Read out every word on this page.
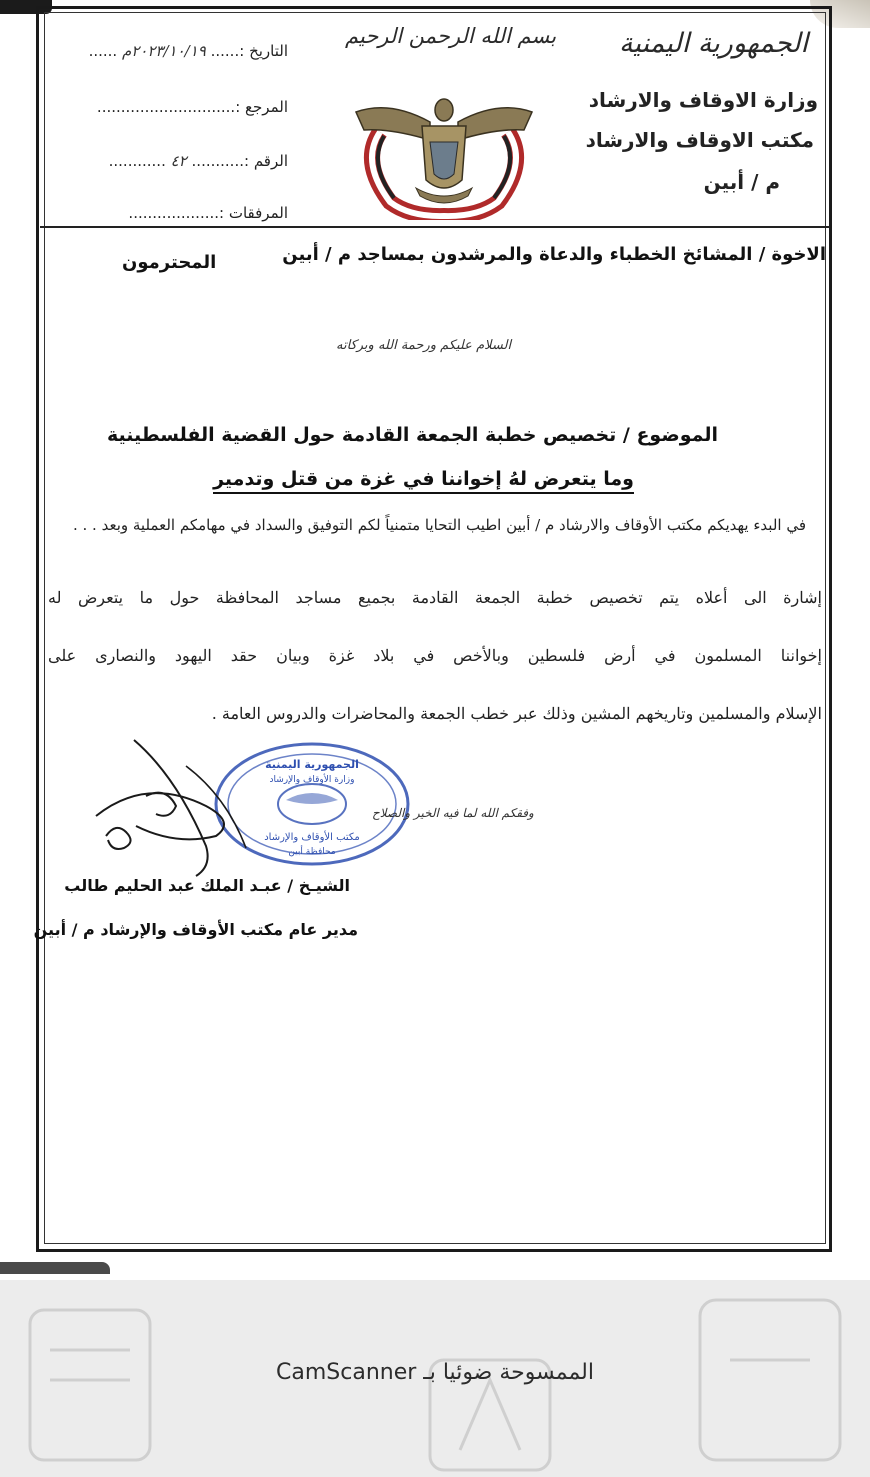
الجمهورية اليمنية
وزارة الاوقاف والارشاد
مكتب الاوقاف والارشاد
م / أبين
بسم الله الرحمن الرحيم
التاريخ :...... ٢٠٢٣/١٠/١٩م ......
المرجع :.............................
الرقم :........... ٤٢ ............
المرفقات :...................
الاخوة / المشائخ الخطباء والدعاة والمرشدون بمساجد م / أبين
المحترمون
السلام عليكم ورحمة الله وبركاته
الموضوع / تخصيص خطبة الجمعة القادمة حول القضية الفلسطينية
وما يتعرض لهُ إخواننا في غزة من قتل وتدمير
في البدء يهديكم مكتب الأوقاف والارشاد م / أبين اطيب التحايا متمنياً لكم التوفيق والسداد في مهامكم العملية وبعد . . .
إشارة الى أعلاه يتم تخصيص خطبة الجمعة القادمة بجميع مساجد المحافظة حول ما يتعرض له
إخواننا المسلمون في أرض فلسطين وبالأخص في بلاد غزة وبيان حقد اليهود والنصارى على
الإسلام والمسلمين وتاريخهم المشين وذلك عبر خطب الجمعة والمحاضرات والدروس العامة .
الجمهورية اليمنية
وزارة الأوقاف والإرشاد
مكتب الأوقاف والإرشاد
محافظة أبين
وفقكم الله لما فيه الخير والصلاح
الشيـخ / عبـد الملك عبد الحليم طالب
مدير عام مكتب الأوقاف والإرشاد م / أبين
الممسوحة ضوئيا بـ CamScanner
